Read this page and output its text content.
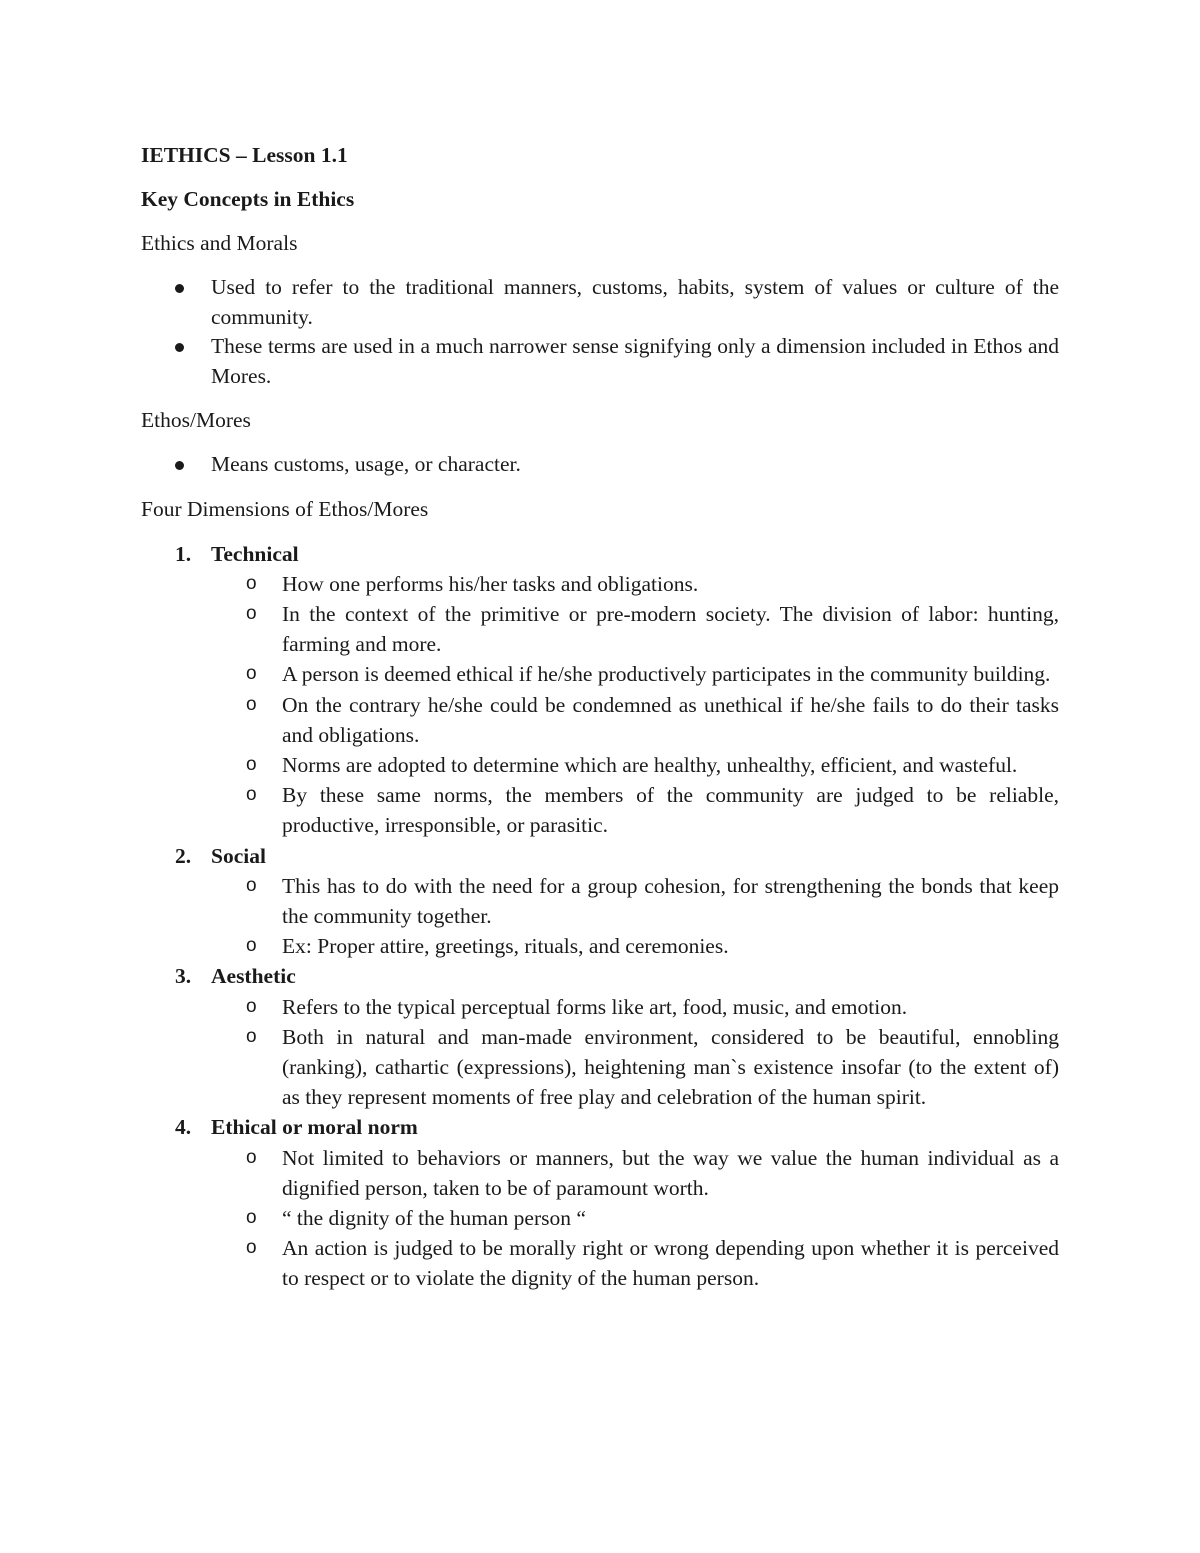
IETHICS – Lesson 1.1
Key Concepts in Ethics
Ethics and Morals
Used to refer to the traditional manners, customs, habits, system of values or culture of the community.
These terms are used in a much narrower sense signifying only a dimension included in Ethos and Mores.
Ethos/Mores
Means customs, usage, or character.
Four Dimensions of Ethos/Mores
1. Technical
o	How one performs his/her tasks and obligations.
o	In the context of the primitive or pre-modern society. The division of labor: hunting, farming and more.
o	A person is deemed ethical if he/she productively participates in the community building.
o	On the contrary he/she could be condemned as unethical if he/she fails to do their tasks and obligations.
o	Norms are adopted to determine which are healthy, unhealthy, efficient, and wasteful.
o	By these same norms, the members of the community are judged to be reliable, productive, irresponsible, or parasitic.
2. Social
o	This has to do with the need for a group cohesion, for strengthening the bonds that keep the community together.
o	Ex: Proper attire, greetings, rituals, and ceremonies.
3. Aesthetic
o	Refers to the typical perceptual forms like art, food, music, and emotion.
o	Both in natural and man-made environment, considered to be beautiful, ennobling (ranking), cathartic (expressions), heightening man`s existence insofar (to the extent of) as they represent moments of free play and celebration of the human spirit.
4. Ethical or moral norm
o	Not limited to behaviors or manners, but the way we value the human individual as a dignified person, taken to be of paramount worth.
o	“ the dignity of the human person “
o	An action is judged to be morally right or wrong depending upon whether it is perceived to respect or to violate the dignity of the human person.
